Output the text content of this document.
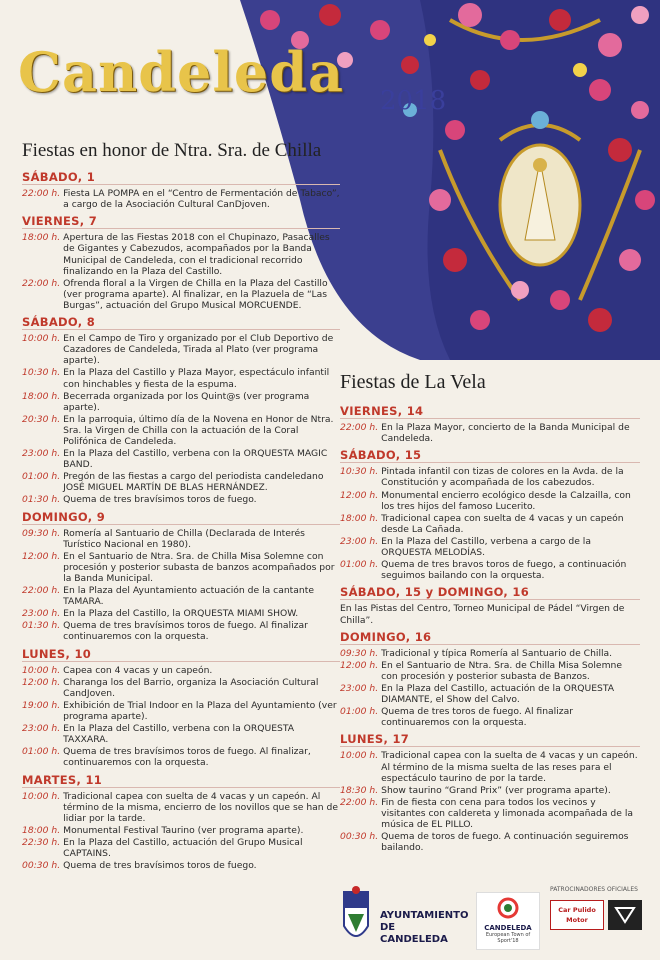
Candeleda 2018
Fiestas en honor de Ntra. Sra. de Chilla
SÁBADO, 1
22:00 h. Fiesta LA POMPA en el “Centro de Fermentación de Tabaco”, a cargo de la Asociación Cultural CanDjoven.
VIERNES, 7
18:00 h. Apertura de las Fiestas 2018 con el Chupinazo, Pasacalles de Gigantes y Cabezudos, acompañados por la Banda Municipal de Candeleda, con el tradicional recorrido finalizando en la Plaza del Castillo.
22:00 h. Ofrenda floral a la Virgen de Chilla en la Plaza del Castillo (ver programa aparte). Al finalizar, en la Plazuela de “Las Burgas”, actuación del Grupo Musical MORCUENDE.
SÁBADO, 8
10:00 h. En el Campo de Tiro y organizado por el Club Deportivo de Cazadores de Candeleda, Tirada al Plato (ver programa aparte).
10:30 h. En la Plaza del Castillo y Plaza Mayor, espectáculo infantil con hinchables y fiesta de la espuma.
18:00 h. Becerrada organizada por los Quint@s (ver programa aparte).
20:30 h. En la parroquia, último día de la Novena en Honor de Ntra. Sra. la Virgen de Chilla con la actuación de la Coral Polifónica de Candeleda.
23:00 h. En la Plaza del Castillo, verbena con la ORQUESTA MAGIC BAND.
01:00 h. Pregón de las fiestas a cargo del periodista candeledano JOSÉ MIGUEL MARTÍN DE BLAS HERNÁNDEZ.
01:30 h. Quema de tres bravísimos toros de fuego.
DOMINGO, 9
09:30 h. Romería al Santuario de Chilla (Declarada de Interés Turístico Nacional en 1980).
12:00 h. En el Santuario de Ntra. Sra. de Chilla Misa Solemne con procesión y posterior subasta de banzos acompañados por la Banda Municipal.
22:00 h. En la Plaza del Ayuntamiento actuación de la cantante TAMARA.
23:00 h. En la Plaza del Castillo, la ORQUESTA MIAMI SHOW.
01:30 h. Quema de tres bravísimos toros de fuego. Al finalizar continuaremos con la orquesta.
LUNES, 10
10:00 h. Capea con 4 vacas y un capeón.
12:00 h. Charanga los del Barrio, organiza la Asociación Cultural CandJoven.
19:00 h. Exhibición de Trial Indoor en la Plaza del Ayuntamiento (ver programa aparte).
23:00 h. En la Plaza del Castillo, verbena con la ORQUESTA TAXXARA.
01:00 h. Quema de tres bravísimos toros de fuego. Al finalizar, continuaremos con la orquesta.
MARTES, 11
10:00 h. Tradicional capea con suelta de 4 vacas y un capeón. Al término de la misma, encierro de los novillos que se han de lidiar por la tarde.
18:00 h. Monumental Festival Taurino (ver programa aparte).
22:30 h. En la Plaza del Castillo, actuación del Grupo Musical CAPTAINS.
00:30 h. Quema de tres bravísimos toros de fuego.
Fiestas de La Vela
VIERNES, 14
22:00 h. En la Plaza Mayor, concierto de la Banda Municipal de Candeleda.
SÁBADO, 15
10:30 h. Pintada infantil con tizas de colores en la Avda. de la Constitución y acompañada de los cabezudos.
12:00 h. Monumental encierro ecológico desde la Calzailla, con los tres hijos del famoso Lucerito.
18:00 h. Tradicional capea con suelta de 4 vacas y un capeón desde La Cañada.
23:00 h. En la Plaza del Castillo, verbena a cargo de la ORQUESTA MELODÍAS.
01:00 h. Quema de tres bravos toros de fuego, a continuación seguimos bailando con la orquesta.
SÁBADO, 15 y DOMINGO, 16
En las Pistas del Centro, Torneo Municipal de Pádel “Virgen de Chilla”.
DOMINGO, 16
09:30 h. Tradicional y típica Romería al Santuario de Chilla.
12:00 h. En el Santuario de Ntra. Sra. de Chilla Misa Solemne con procesión y posterior subasta de Banzos.
23:00 h. En la Plaza del Castillo, actuación de la ORQUESTA DIAMANTE, el Show del Calvo.
01:00 h. Quema de tres toros de fuego. Al finalizar continuaremos con la orquesta.
LUNES, 17
10:00 h. Tradicional capea con la suelta de 4 vacas y un capeón. Al término de la misma suelta de las reses para el espectáculo taurino de por la tarde.
18:30 h. Show taurino “Grand Prix” (ver programa aparte).
22:00 h. Fin de fiesta con cena para todos los vecinos y visitantes con caldereta y limonada acompañada de la música de EL PILLO.
00:30 h. Quema de toros de fuego. A continuación seguiremos bailando.
AYUNTAMIENTO DE CANDELEDA
CANDELEDA
European Town of Sport'18
PATROCINADORES OFICIALES
Car Pulido Motor
